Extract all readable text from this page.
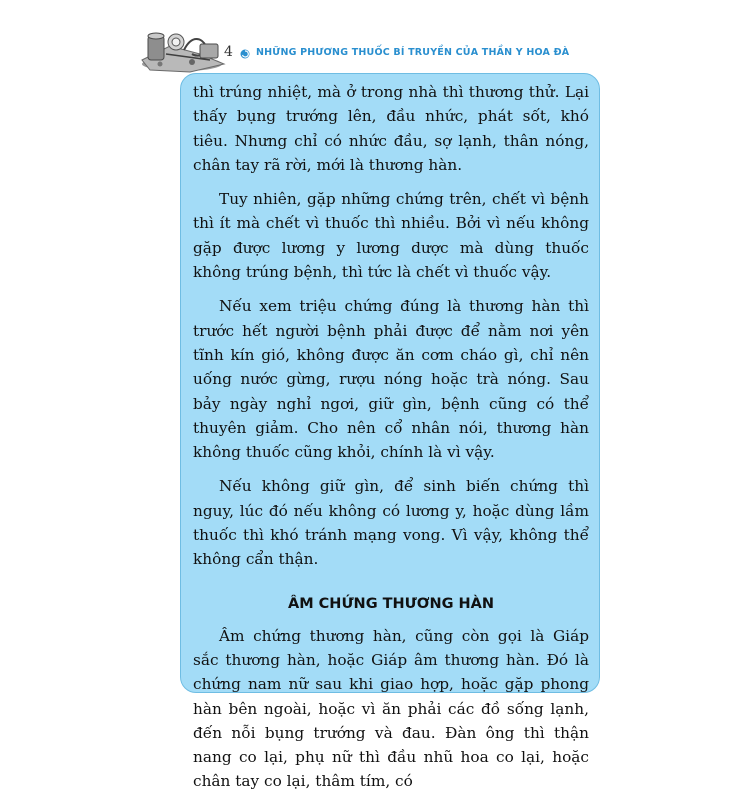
4 NHỮNG PHƯƠNG THUỐC BÍ TRUYỀN CỦA THẦN Y HOA ĐÀ

thì trúng nhiệt, mà ở trong nhà thì thương thử. Lại thấy bụng trướng lên, đầu nhức, phát sốt, khó tiêu. Nhưng chỉ có nhức đầu, sợ lạnh, thân nóng, chân tay rã rời, mới là thương hàn.

Tuy nhiên, gặp những chứng trên, chết vì bệnh thì ít mà chết vì thuốc thì nhiều. Bởi vì nếu không gặp được lương y lương dược mà dùng thuốc không trúng bệnh, thì tức là chết vì thuốc vậy.

Nếu xem triệu chứng đúng là thương hàn thì trước hết người bệnh phải được để nằm nơi yên tĩnh kín gió, không được ăn cơm cháo gì, chỉ nên uống nước gừng, rượu nóng hoặc trà nóng. Sau bảy ngày nghỉ ngơi, giữ gìn, bệnh cũng có thể thuyên giảm. Cho nên cổ nhân nói, thương hàn không thuốc cũng khỏi, chính là vì vậy.

Nếu không giữ gìn, để sinh biến chứng thì nguy, lúc đó nếu không có lương y, hoặc dùng lầm thuốc thì khó tránh mạng vong. Vì vậy, không thể không cẩn thận.

ÂM CHỨNG THƯƠNG HÀN

Âm chứng thương hàn, cũng còn gọi là Giáp sắc thương hàn, hoặc Giáp âm thương hàn. Đó là chứng nam nữ sau khi giao hợp, hoặc gặp phong hàn bên ngoài, hoặc vì ăn phải các đồ sống lạnh, đến nỗi bụng trướng và đau. Đàn ông thì thận nang co lại, phụ nữ thì đầu nhũ hoa co lại, hoặc chân tay co lại, thâm tím, có
